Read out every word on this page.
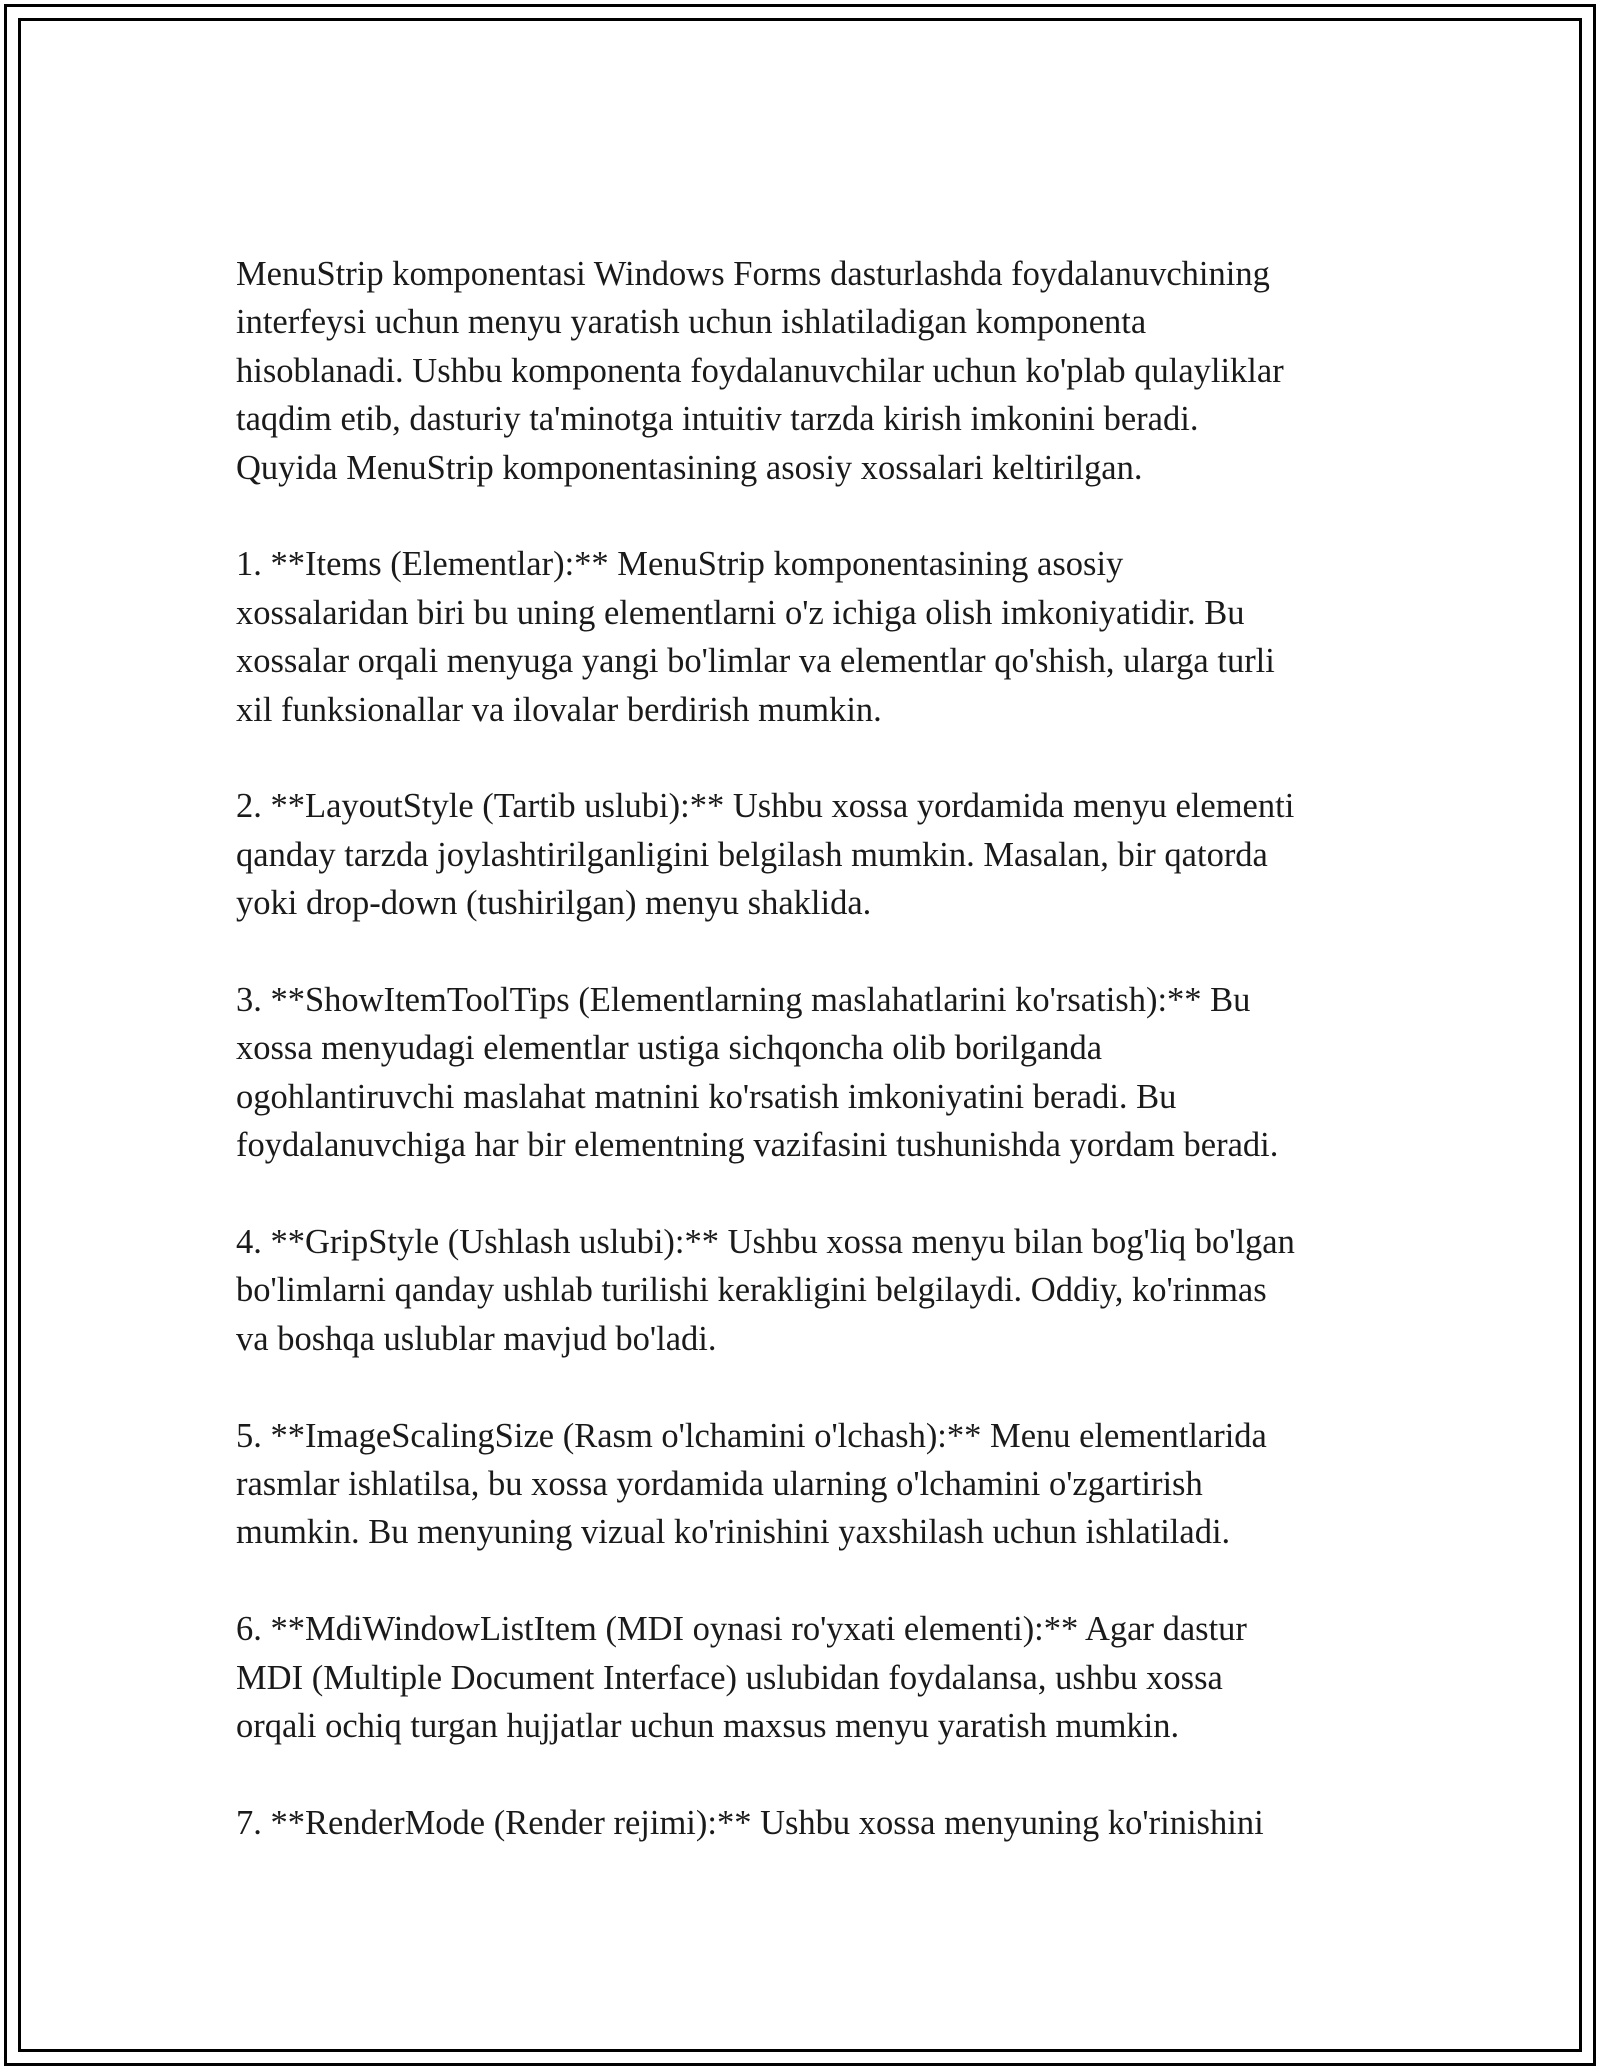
MenuStrip komponentasi Windows Forms dasturlashda foydalanuvchining
interfeysi uchun menyu yaratish uchun ishlatiladigan komponenta
hisoblanadi. Ushbu komponenta foydalanuvchilar uchun ko'plab qulayliklar
taqdim etib, dasturiy ta'minotga intuitiv tarzda kirish imkonini beradi.
Quyida MenuStrip komponentasining asosiy xossalari keltirilgan.

1. **Items (Elementlar):** MenuStrip komponentasining asosiy
xossalaridan biri bu uning elementlarni o'z ichiga olish imkoniyatidir. Bu
xossalar orqali menyuga yangi bo'limlar va elementlar qo'shish, ularga turli
xil funksionallar va ilovalar berdirish mumkin.

2. **LayoutStyle (Tartib uslubi):** Ushbu xossa yordamida menyu elementi
qanday tarzda joylashtirilganligini belgilash mumkin. Masalan, bir qatorda
yoki drop-down (tushirilgan) menyu shaklida.

3. **ShowItemToolTips (Elementlarning maslahatlarini ko'rsatish):** Bu
xossa menyudagi elementlar ustiga sichqoncha olib borilganda
ogohlantiruvchi maslahat matnini ko'rsatish imkoniyatini beradi. Bu
foydalanuvchiga har bir elementning vazifasini tushunishda yordam beradi.

4. **GripStyle (Ushlash uslubi):** Ushbu xossa menyu bilan bog'liq bo'lgan
bo'limlarni qanday ushlab turilishi kerakligini belgilaydi. Oddiy, ko'rinmas
va boshqa uslublar mavjud bo'ladi.

5. **ImageScalingSize (Rasm o'lchamini o'lchash):** Menu elementlarida
rasmlar ishlatilsa, bu xossa yordamida ularning o'lchamini o'zgartirish
mumkin. Bu menyuning vizual ko'rinishini yaxshilash uchun ishlatiladi.

6. **MdiWindowListItem (MDI oynasi ro'yxati elementi):** Agar dastur
MDI (Multiple Document Interface) uslubidan foydalansa, ushbu xossa
orqali ochiq turgan hujjatlar uchun maxsus menyu yaratish mumkin.

7. **RenderMode (Render rejimi):** Ushbu xossa menyuning ko'rinishini
